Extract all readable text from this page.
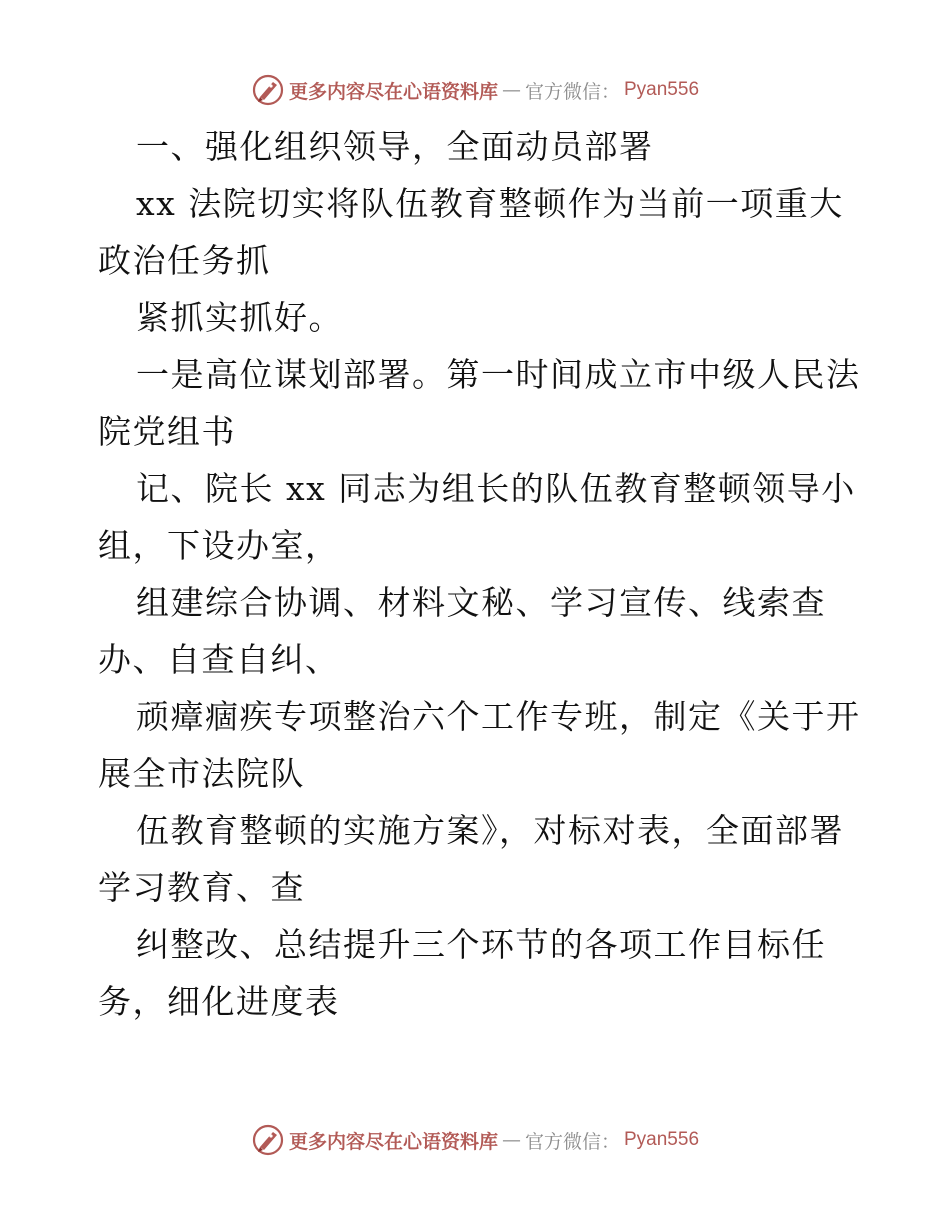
更多内容尽在心语资料库 — 官方微信： Pyan556
一、强化组织领导，全面动员部署
xx 法院切实将队伍教育整顿作为当前一项重大
政治任务抓
紧抓实抓好。
一是高位谋划部署。第一时间成立市中级人民法
院党组书
记、院长 xx 同志为组长的队伍教育整顿领导小
组，下设办室，
组建综合协调、材料文秘、学习宣传、线索查
办、自查自纠、
顽瘴痼疾专项整治六个工作专班，制定《关于开
展全市法院队
伍教育整顿的实施方案》，对标对表，全面部署
学习教育、查
纠整改、总结提升三个环节的各项工作目标任
务，细化进度表
更多内容尽在心语资料库 — 官方微信： Pyan556
